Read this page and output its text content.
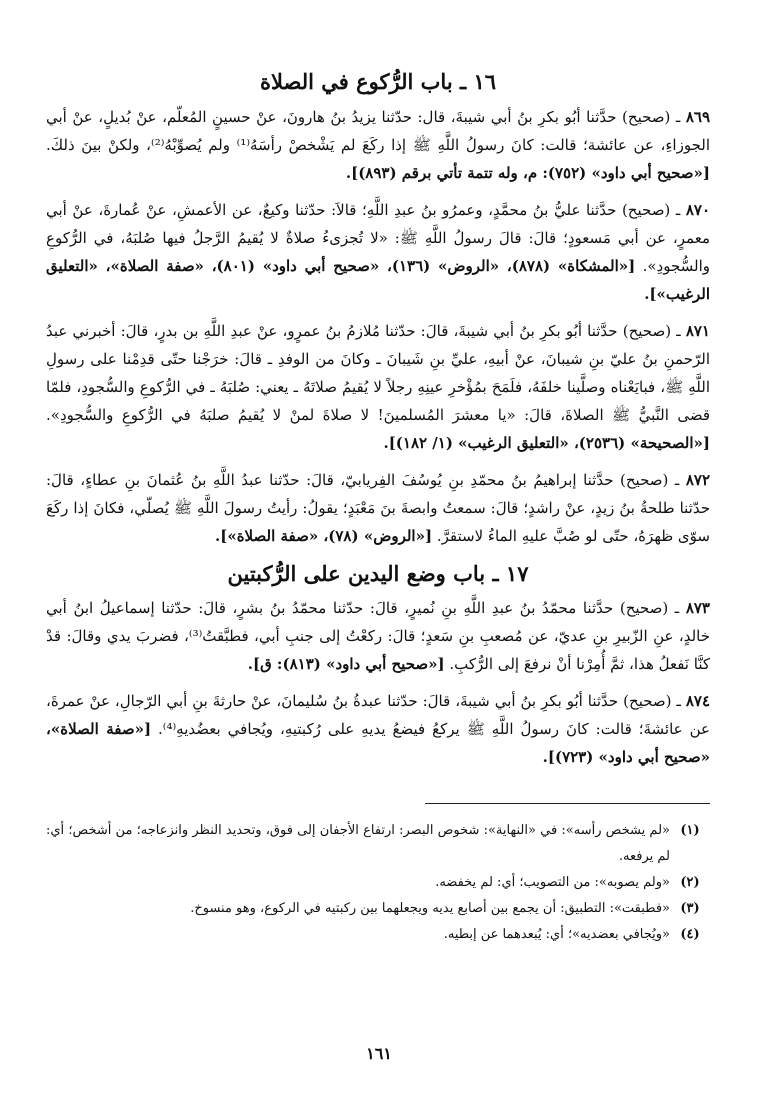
١٦ ـ باب الرُّكوع في الصلاة

٨٦٩ ـ (صحيح) حدَّثنا أبُو بكرِ بنُ أبي شيبةَ، قال: حدّثنا يزيدُ بنُ هارونَ، عنْ حسينٍ المُعلّم، عنْ بُديلٍ، عنْ أبي الجوزاءِ، عن عائشة؛ قالت: كانَ رسولُ اللَّهِ ﷺ إذا ركَعَ لم يَشْخصْ رأسَهُ⁽¹⁾ ولم يُصوِّبْهُ⁽²⁾، ولكنْ بينَ ذلكَ. [«صحيح أبي داود» (٧٥٢): م، وله تتمة تأتي برقم (٨٩٣)].

٨٧٠ ـ (صحيح) حدَّثنا عليُّ بنُ محمَّدٍ، وعمرُو بنُ عبدِ اللَّهِ؛ قالاَ: حدّثنا وكيعٌ، عن الأعمشِ، عنْ عُمارةَ، عنْ أبي معمرٍ، عن أبي مَسعودٍ؛ قالَ: قالَ رسولُ اللَّهِ ﷺ: «لا تُجزىءُ صلاةٌ لا يُقيمُ الرَّجلُ فيها صُلبَهُ، في الرُّكوعِ والسُّجودِ». [«المشكاة» (٨٧٨)، «الروض» (١٣٦)، «صحيح أبي داود» (٨٠١)، «صفة الصلاة»، «التعليق الرغيب»].

٨٧١ ـ (صحيح) حدَّثنا أبُو بكرِ بنُ أبي شيبةَ، قالَ: حدّثنا مُلازمُ بنُ عمرٍو، عنْ عبدِ اللَّهِ بن بدرٍ، قالَ: أخبرني عبدُ الرّحمنِ بنُ عليّ بنِ شيبانَ، عنْ أبيهِ، عليِّ بنِ شَيبانَ ـ وكانَ من الوفدِ ـ قالَ: خرَجْنا حتّى قدِمْنا على رسولِ اللَّهِ ﷺ، فبايَعْناه وصلَّينا خلفَهُ، فلَمَحَ بمُؤْخرِ عينِهِ رجلاً لا يُقيمُ صلاتَهُ ـ يعني: صُلبَهُ ـ في الرُّكوعِ والسُّجودِ، فلمّا قضى النَّبيُّ ﷺ الصلاةَ، قالَ: «يا معشرَ المُسلمينَ! لا صلاةَ لمنْ لا يُقيمُ صلبَهُ في الرُّكوعِ والسُّجودِ». [«الصحيحة» (٢٥٣٦)، «التعليق الرغيب» (١/ ١٨٢)].

٨٧٢ ـ (صحيح) حدَّثنا إبراهيمُ بنُ محمّدِ بنِ يُوسُفَ الفِريابيّ، قالَ: حدّثنا عبدُ اللَّهِ بنُ عُثمانَ بنِ عطاءٍ، قالَ: حدّثنا طلحةُ بنُ زيدٍ، عنْ راشدٍ؛ قالَ: سمعتُ وابصةَ بنَ مَعْبَدٍ؛ يقولُ: رأيتُ رسولَ اللَّهِ ﷺ يُصلّي، فكانَ إذا ركَعَ سوّى ظهرَهُ، حتّى لو صُبَّ عليهِ الماءُ لاستقرَّ. [«الروض» (٧٨)، «صفة الصلاة»].

١٧ ـ باب وضع اليدين على الرُّكبتين

٨٧٣ ـ (صحيح) حدَّثنا محمّدُ بنُ عبدِ اللَّهِ بنِ نُميرٍ، قالَ: حدّثنا محمّدُ بنُ بشرٍ، قالَ: حدّثنا إسماعيلُ ابنُ أبي خالدٍ، عنِ الزّبيرِ بنِ عديّ، عن مُصعبِ بنِ سَعدٍ؛ قالَ: ركعْتُ إلى جنبِ أبي، فطبَّقتُ⁽³⁾، فضربَ يدي وقالَ: قدْ كنَّا نَفعلُ هذا، ثمَّ أُمِرْنا أنْ نرفعَ إلى الرُّكبِ. [«صحيح أبي داود» (٨١٣): ق].

٨٧٤ ـ (صحيح) حدَّثنا أبُو بكرِ بنُ أبي شيبةَ، قالَ: حدّثنا عبدةُ بنُ سُليمانَ، عنْ حارثةَ بنِ أبي الرّجالِ، عنْ عمرةَ، عن عائشةَ؛ قالت: كانَ رسولُ اللَّهِ ﷺ يركعُ فيضعُ يديهِ على رُكبتيهِ، ويُجافي بعضُديهِ⁽⁴⁾. [«صفة الصلاة»، «صحيح أبي داود» (٧٢٣)].

(١)
«لم يشخص رأسه»: في «النهاية»: شخوص البصر: ارتفاع الأجفان إلى فوق، وتحديد النظر وانزعاجه؛ من أشخص؛ أي: لم يرفعه.
(٢)
«ولم يصوبه»: من التصويب؛ أي: لم يخفضه.
(٣)
«فطبقت»: التطبيق: أن يجمع بين أصابع يديه ويجعلهما بين ركبتيه في الركوع، وهو منسوخ.
(٤)
«ويُجافي بعضديه»؛ أي: يُبعدهما عن إبطيه.
١٦١
